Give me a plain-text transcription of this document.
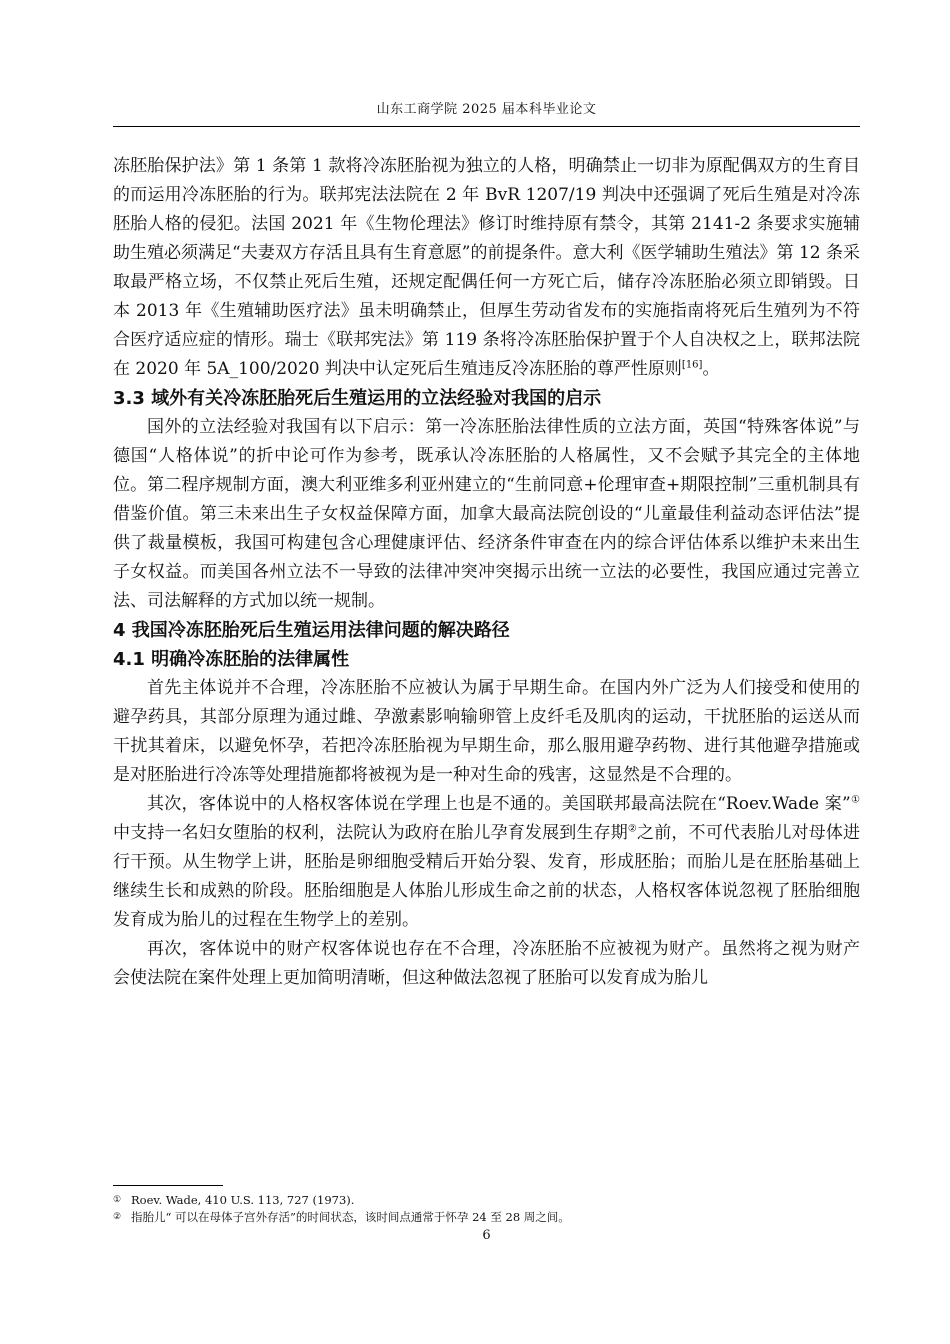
山东工商学院 2025 届本科毕业论文

冻胚胎保护法》第 1 条第 1 款将冷冻胚胎视为独立的人格，明确禁止一切非为原配偶双方的生育目的而运用冷冻胚胎的行为。联邦宪法法院在 2 年 BvR 1207/19 判决中还强调了死后生殖是对冷冻胚胎人格的侵犯。法国 2021 年《生物伦理法》修订时维持原有禁令，其第 2141-2 条要求实施辅助生殖必须满足“夫妻双方存活且具有生育意愿”的前提条件。意大利《医学辅助生殖法》第 12 条采取最严格立场，不仅禁止死后生殖，还规定配偶任何一方死亡后，储存冷冻胚胎必须立即销毁。日本 2013 年《生殖辅助医疗法》虽未明确禁止，但厚生劳动省发布的实施指南将死后生殖列为不符合医疗适应症的情形。瑞士《联邦宪法》第 119 条将冷冻胚胎保护置于个人自决权之上，联邦法院在 2020 年 5A_100/2020 判决中认定死后生殖违反冷冻胚胎的尊严性原则[16]。

3.3 域外有关冷冻胚胎死后生殖运用的立法经验对我国的启示

国外的立法经验对我国有以下启示：第一冷冻胚胎法律性质的立法方面，英国“特殊客体说”与德国“人格体说”的折中论可作为参考，既承认冷冻胚胎的人格属性，又不会赋予其完全的主体地位。第二程序规制方面，澳大利亚维多利亚州建立的“生前同意+伦理审查+期限控制”三重机制具有借鉴价值。第三未来出生子女权益保障方面，加拿大最高法院创设的“儿童最佳利益动态评估法”提供了裁量模板，我国可构建包含心理健康评估、经济条件审查在内的综合评估体系以维护未来出生子女权益。而美国各州立法不一导致的法律冲突冲突揭示出统一立法的必要性，我国应通过完善立法、司法解释的方式加以统一规制。

4 我国冷冻胚胎死后生殖运用法律问题的解决路径
4.1 明确冷冻胚胎的法律属性

首先主体说并不合理，冷冻胚胎不应被认为属于早期生命。在国内外广泛为人们接受和使用的避孕药具，其部分原理为通过雌、孕激素影响输卵管上皮纤毛及肌肉的运动，干扰胚胎的运送从而干扰其着床，以避免怀孕，若把冷冻胚胎视为早期生命，那么服用避孕药物、进行其他避孕措施或是对胚胎进行冷冻等处理措施都将被视为是一种对生命的残害，这显然是不合理的。

其次，客体说中的人格权客体说在学理上也是不通的。美国联邦最高法院在“Roev.Wade 案”①中支持一名妇女堕胎的权利，法院认为政府在胎儿孕育发展到生存期②之前，不可代表胎儿对母体进行干预。从生物学上讲，胚胎是卵细胞受精后开始分裂、发育，形成胚胎；而胎儿是在胚胎基础上继续生长和成熟的阶段。胚胎细胞是人体胎儿形成生命之前的状态，人格权客体说忽视了胚胎细胞发育成为胎儿的过程在生物学上的差别。

再次，客体说中的财产权客体说也存在不合理，冷冻胚胎不应被视为财产。虽然将之视为财产会使法院在案件处理上更加简明清晰，但这种做法忽视了胚胎可以发育成为胎儿

① Roev. Wade, 410 U.S. 113, 727 (1973).
② 指胎儿“ 可以在母体子宫外存活”的时间状态，该时间点通常于怀孕 24 至 28 周之间。
6
